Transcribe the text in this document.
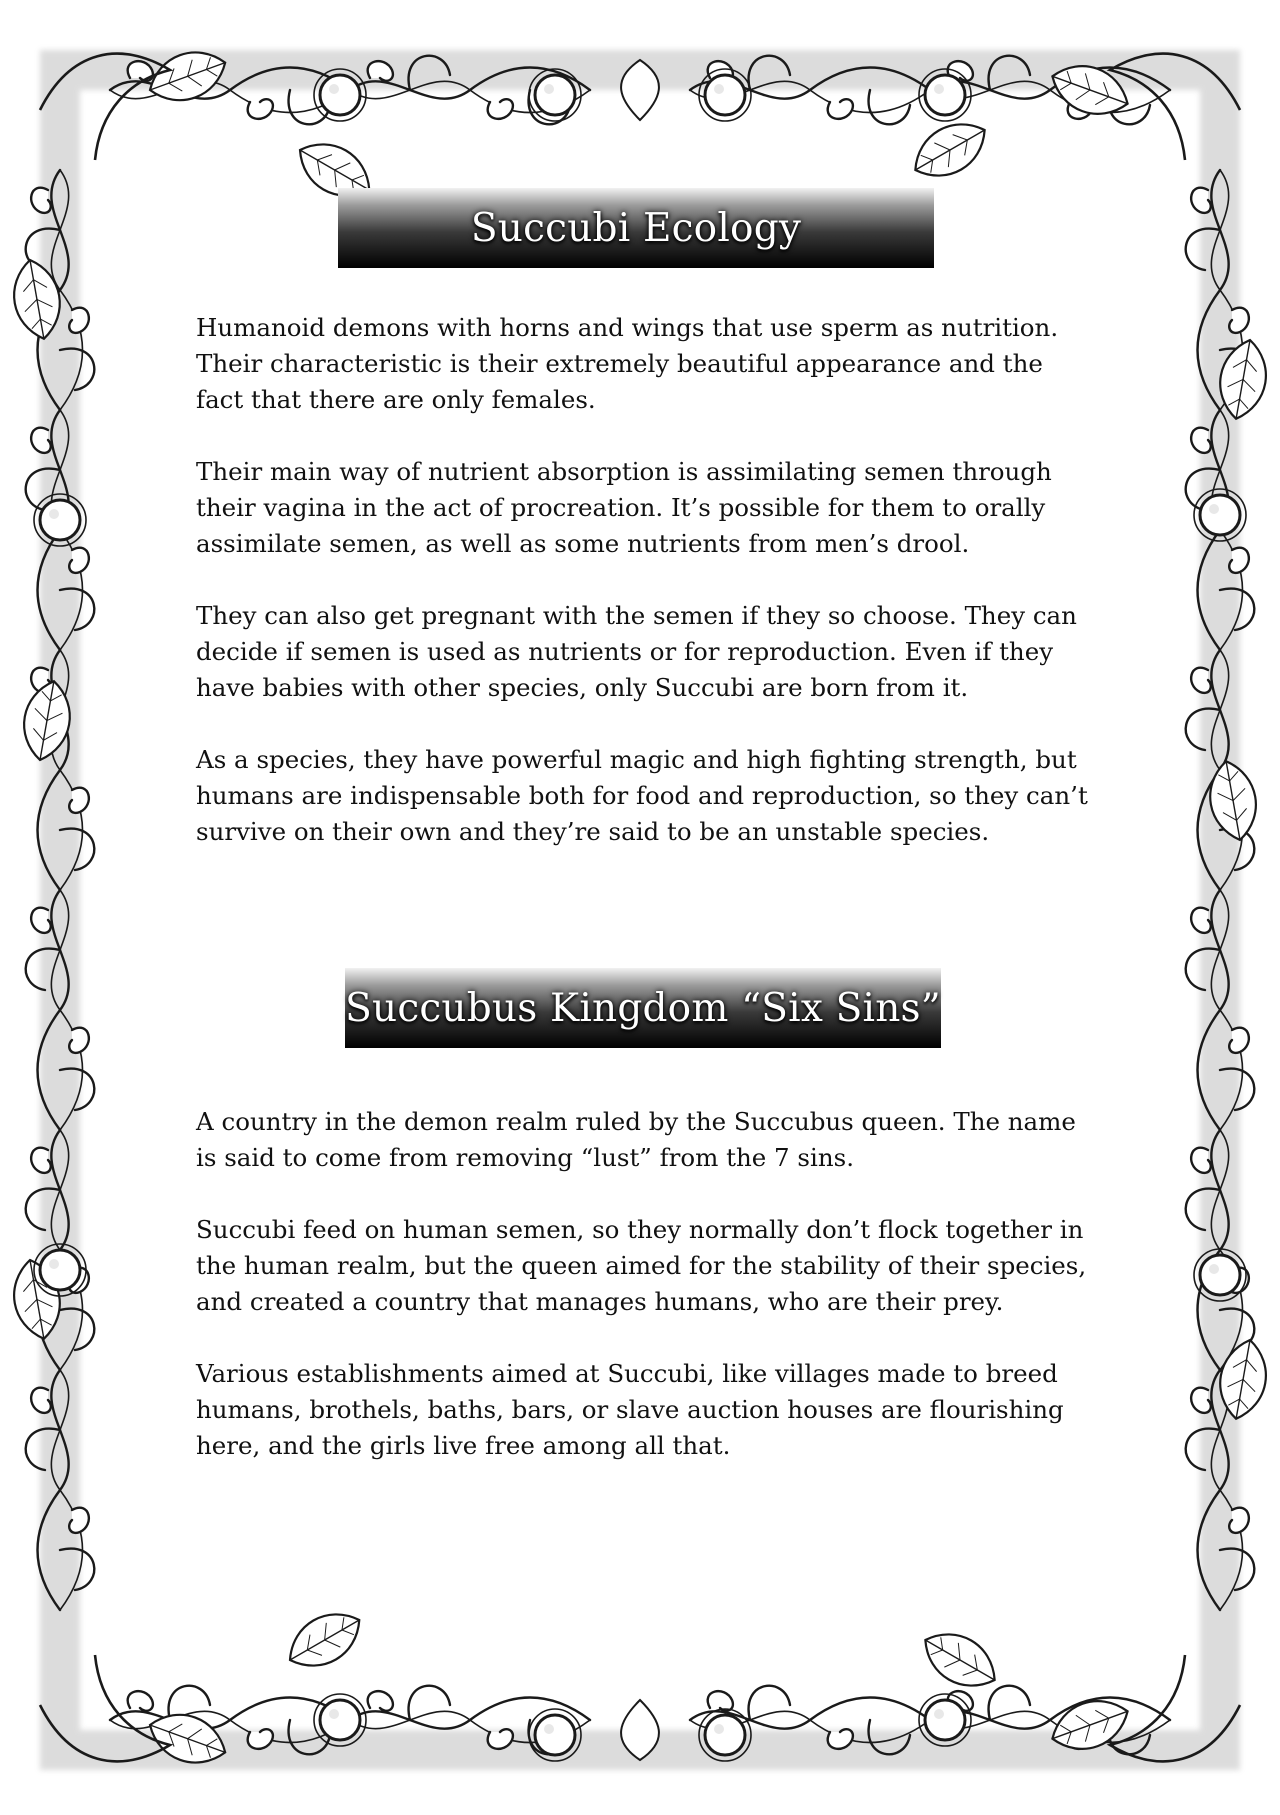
Succubi Ecology

Humanoid demons with horns and wings that use sperm as nutrition. Their characteristic is their extremely beautiful appearance and the fact that there are only females.

Their main way of nutrient absorption is assimilating semen through their vagina in the act of procreation. It’s possible for them to orally assimilate semen, as well as some nutrients from men’s drool.

They can also get pregnant with the semen if they so choose. They can decide if semen is used as nutrients or for reproduction. Even if they have babies with other species, only Succubi are born from it.

As a species, they have powerful magic and high fighting strength, but humans are indispensable both for food and reproduction, so they can’t survive on their own and they’re said to be an unstable species.

Succubus Kingdom “Six Sins”

A country in the demon realm ruled by the Succubus queen. The name is said to come from removing “lust” from the 7 sins.

Succubi feed on human semen, so they normally don’t flock together in the human realm, but the queen aimed for the stability of their species, and created a country that manages humans, who are their prey.

Various establishments aimed at Succubi, like villages made to breed humans, brothels, baths, bars, or slave auction houses are flourishing here, and the girls live free among all that.
